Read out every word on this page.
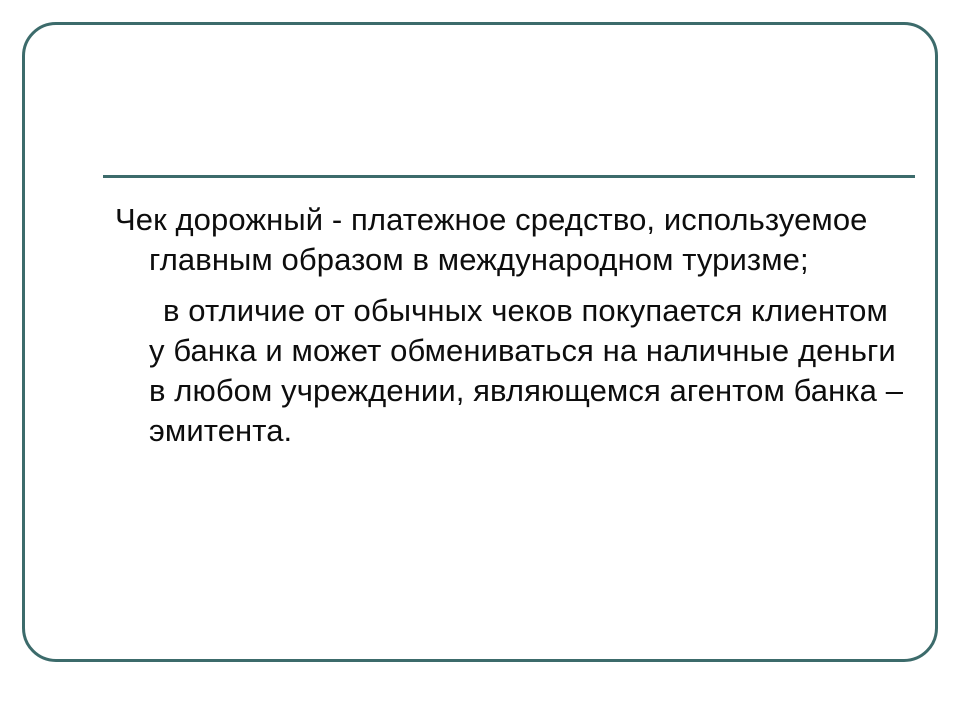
Чек дорожный - платежное средство, используемое главным образом в международном туризме;

в отличие от обычных чеков покупается клиентом у банка и может обмениваться на наличные деньги в любом учреждении, являющемся агентом банка – эмитента.
